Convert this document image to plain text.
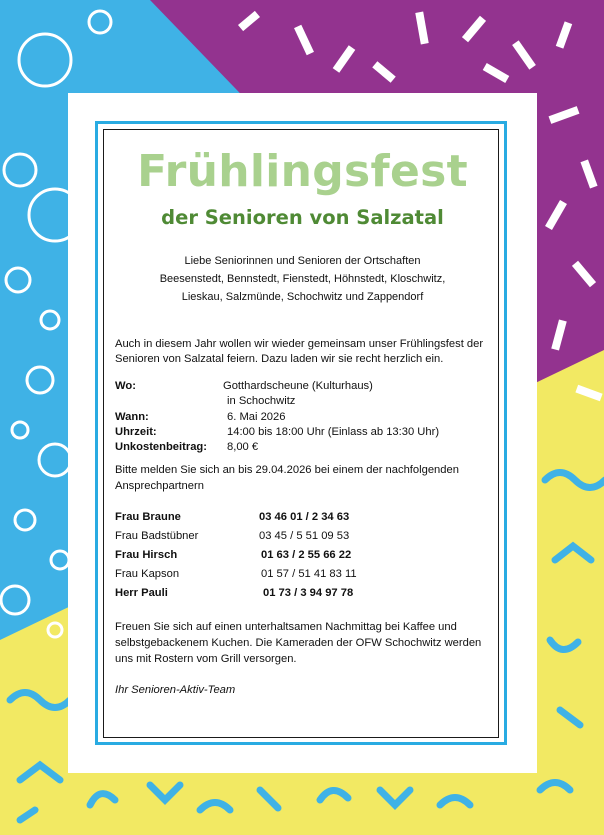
Frühlingsfest
der Senioren von Salzatal
Liebe Seniorinnen und Senioren der Ortschaften
Beesenstedt, Bennstedt, Fienstedt, Höhnstedt, Kloschwitz,
Lieskau, Salzmünde, Schochwitz und Zappendorf
Auch in diesem Jahr wollen wir wieder gemeinsam unser Frühlingsfest der Senioren von Salzatal feiern. Dazu laden wir sie recht herzlich ein.
Wo:	Gotthardscheune (Kulturhaus)
in Schochwitz
Wann:	6. Mai 2026
Uhrzeit:	14:00 bis 18:00 Uhr (Einlass ab 13:30 Uhr)
Unkostenbeitrag:	8,00 €
Bitte melden Sie sich an bis 29.04.2026 bei einem der nachfolgenden Ansprechpartnern
Frau Braune	03 46 01 / 2 34 63
Frau Badstübner	03 45 / 5 51 09 53
Frau Hirsch	01 63 / 2 55 66 22
Frau Kapson	01 57 / 51 41 83 11
Herr Pauli	01 73 / 3 94 97 78
Freuen Sie sich auf einen unterhaltsamen Nachmittag bei Kaffee und selbstgebackenem Kuchen. Die Kameraden der OFW Schochwitz werden uns mit Rostern vom Grill versorgen.
Ihr Senioren-Aktiv-Team
